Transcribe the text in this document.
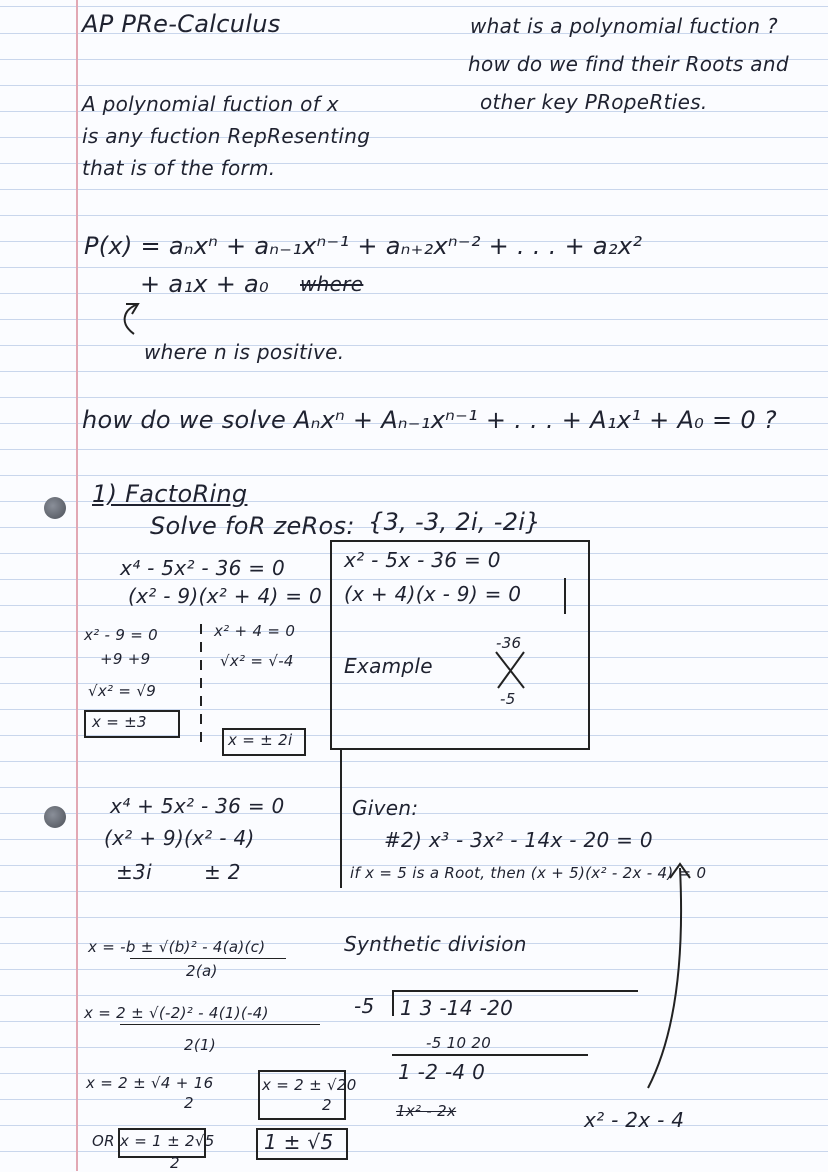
AP PRe-Calculus	what is a polynomial fuction ?
how do we find their Roots and
other key PRopeRties.
A polynomial fuction of x
is any fuction RepResenting
that is of the form.
P(x) = aₙxⁿ + aₙ₋₁xⁿ⁻¹ + aₙ₊₂xⁿ⁻² + . . . + a₂x²
+ a₁x + a₀ where
where n is positive.
how do we solve Aₙxⁿ + Aₙ₋₁xⁿ⁻¹ + . . . + A₁x¹ + A₀ = 0 ?
1) FactoRing
Solve foR zeRos: {3, -3, 2i, -2i}
x⁴ - 5x² - 36 = 0
(x² - 9)(x² + 4) = 0
x² - 9 = 0
+9 +9
√x² = √9
x = ±3
x² + 4 = 0
√x² = √-4
x = ± 2i
x² - 5x - 36 = 0
(x + 4)(x - 9) = 0
Example
-36
-5
x⁴ + 5x² - 36 = 0
(x² + 9)(x² - 4)
±3i	± 2
Given:
#2) x³ - 3x² - 14x - 20 = 0
if x = 5 is a Root, then (x + 5)(x² - 2x - 4) = 0
x = -b ± √(b)² - 4(a)(c)
2(a)
x = 2 ± √(-2)² - 4(1)(-4)
2(1)
x = 2 ± √4 + 16
2
x = 2 ± √20
2
OR x = 1 ± 2√5
2
1 ± √5
Synthetic division
-5 1 3 -14 -20
-5 10 20
1 -2 -4 0
1x² - 2x	x² - 2x - 4
